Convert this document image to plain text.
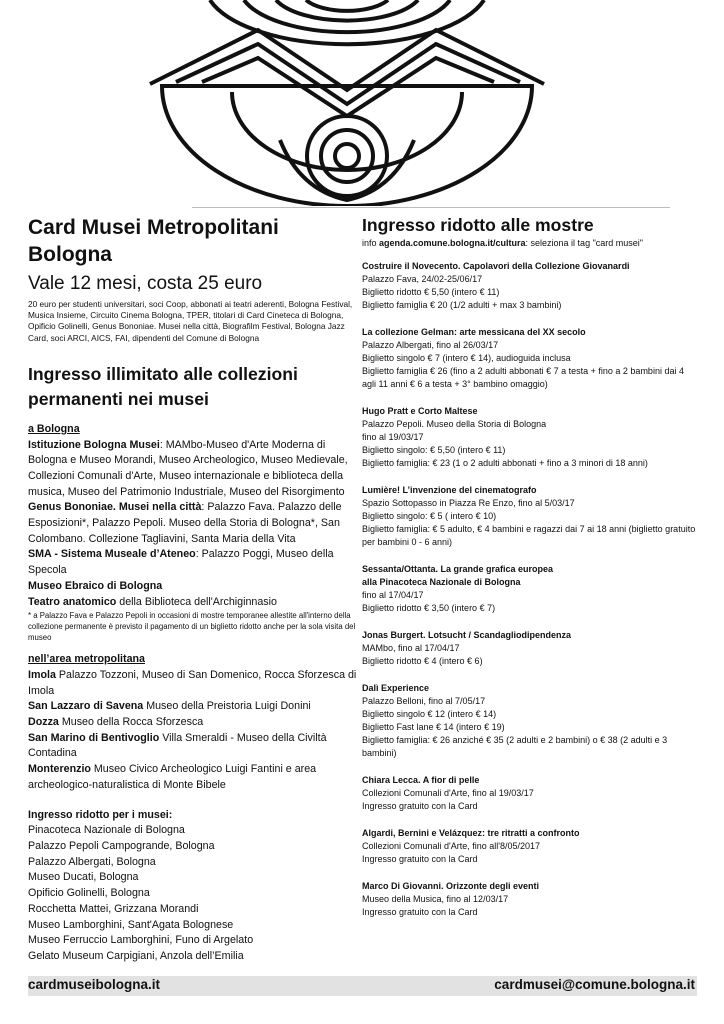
Card Musei Metropolitani
Bologna
Vale 12 mesi, costa 25 euro
20 euro per studenti universitari, soci Coop, abbonati ai teatri aderenti, Bologna Festival, Musica Insieme, Circuito Cinema Bologna, TPER, titolari di Card Cineteca di Bologna, Opificio Golinelli, Genus Bononiae. Musei nella città, Biografilm Festival, Bologna Jazz Card, soci ARCI, AICS, FAI, dipendenti del Comune di Bologna
Ingresso illimitato alle collezioni
permanenti nei musei

a Bologna

Istituzione Bologna Musei: MAMbo-Museo d'Arte Moderna di Bologna e Museo Morandi, Museo Archeologico, Museo Medievale, Collezioni Comunali d'Arte, Museo internazionale e biblioteca della musica, Museo del Patrimonio Industriale, Museo del Risorgimento

Genus Bononiae. Musei nella città: Palazzo Fava. Palazzo delle Esposizioni*, Palazzo Pepoli. Museo della Storia di Bologna*, San Colombano. Collezione Tagliavini, Santa Maria della Vita

SMA - Sistema Museale d’Ateneo: Palazzo Poggi, Museo della Specola

Museo Ebraico di Bologna

Teatro anatomico della Biblioteca dell'Archiginnasio

* a Palazzo Fava e Palazzo Pepoli in occasioni di mostre temporanee allestite all'interno della collezione permanente è previsto il pagamento di un biglietto ridotto anche per la sola visita del museo

nell’area metropolitana

Imola Palazzo Tozzoni, Museo di San Domenico, Rocca Sforzesca di Imola

San Lazzaro di Savena Museo della Preistoria Luigi Donini

Dozza Museo della Rocca Sforzesca

San Marino di Bentivoglio Villa Smeraldi - Museo della Civiltà Contadina

Monterenzio Museo Civico Archeologico Luigi Fantini e area archeologico-naturalistica di Monte Bibele

Ingresso ridotto per i musei:

Pinacoteca Nazionale di Bologna

Palazzo Pepoli Campogrande, Bologna

Palazzo Albergati, Bologna

Museo Ducati, Bologna

Opificio Golinelli, Bologna

Rocchetta Mattei, Grizzana Morandi

Museo Lamborghini, Sant'Agata Bolognese

Museo Ferruccio Lamborghini, Funo di Argelato

Gelato Museum Carpigiani, Anzola dell’Emilia

Ingresso ridotto alle mostre
info agenda.comune.bologna.it/cultura: seleziona il tag "card musei"
Costruire il Novecento. Capolavori della Collezione Giovanardi
Palazzo Fava, 24/02-25/06/17
Biglietto ridotto € 5,50 (intero € 11)
Biglietto famiglia € 20 (1/2 adulti + max 3 bambini)
La collezione Gelman: arte messicana del XX secolo
Palazzo Albergati, fino al 26/03/17
Biglietto singolo € 7 (intero € 14), audioguida inclusa
Biglietto famiglia € 26 (fino a 2 adulti abbonati € 7 a testa + fino a 2 bambini dai 4 agli 11 anni € 6 a testa + 3° bambino omaggio)
Hugo Pratt e Corto Maltese
Palazzo Pepoli. Museo della Storia di Bologna
fino al 19/03/17
Biglietto singolo: € 5,50 (intero € 11)
Biglietto famiglia: € 23 (1 o 2 adulti abbonati + fino a 3 minori di 18 anni)
Lumière! L’invenzione del cinematografo
Spazio Sottopasso in Piazza Re Enzo, fino al 5/03/17
Biglietto singolo: € 5 ( intero € 10)
Biglietto famiglia: € 5 adulto, € 4 bambini e ragazzi dai 7 ai 18 anni (biglietto gratuito per bambini 0 - 6 anni)
Sessanta/Ottanta. La grande grafica europea
alla Pinacoteca Nazionale di Bologna
fino al 17/04/17
Biglietto ridotto € 3,50 (intero € 7)
Jonas Burgert. Lotsucht / Scandagliodipendenza
MAMbo, fino al 17/04/17
Biglietto ridotto € 4 (intero € 6)
Dalì Experience
Palazzo Belloni, fino al 7/05/17
Biglietto singolo € 12 (intero € 14)
Biglietto Fast lane € 14 (intero € 19)
Biglietto famiglia: € 26 anziché € 35 (2 adulti e 2 bambini) o € 38 (2 adulti e 3 bambini)
Chiara Lecca. A fior di pelle
Collezioni Comunali d'Arte, fino al 19/03/17
Ingresso gratuito con la Card
Algardi, Bernini e Velázquez: tre ritratti a confronto
Collezioni Comunali d'Arte, fino all'8/05/2017
Ingresso gratuito con la Card
Marco Di Giovanni. Orizzonte degli eventi
Museo della Musica, fino al 12/03/17
Ingresso gratuito con la Card
cardmuseibologna.it	cardmusei@comune.bologna.it
